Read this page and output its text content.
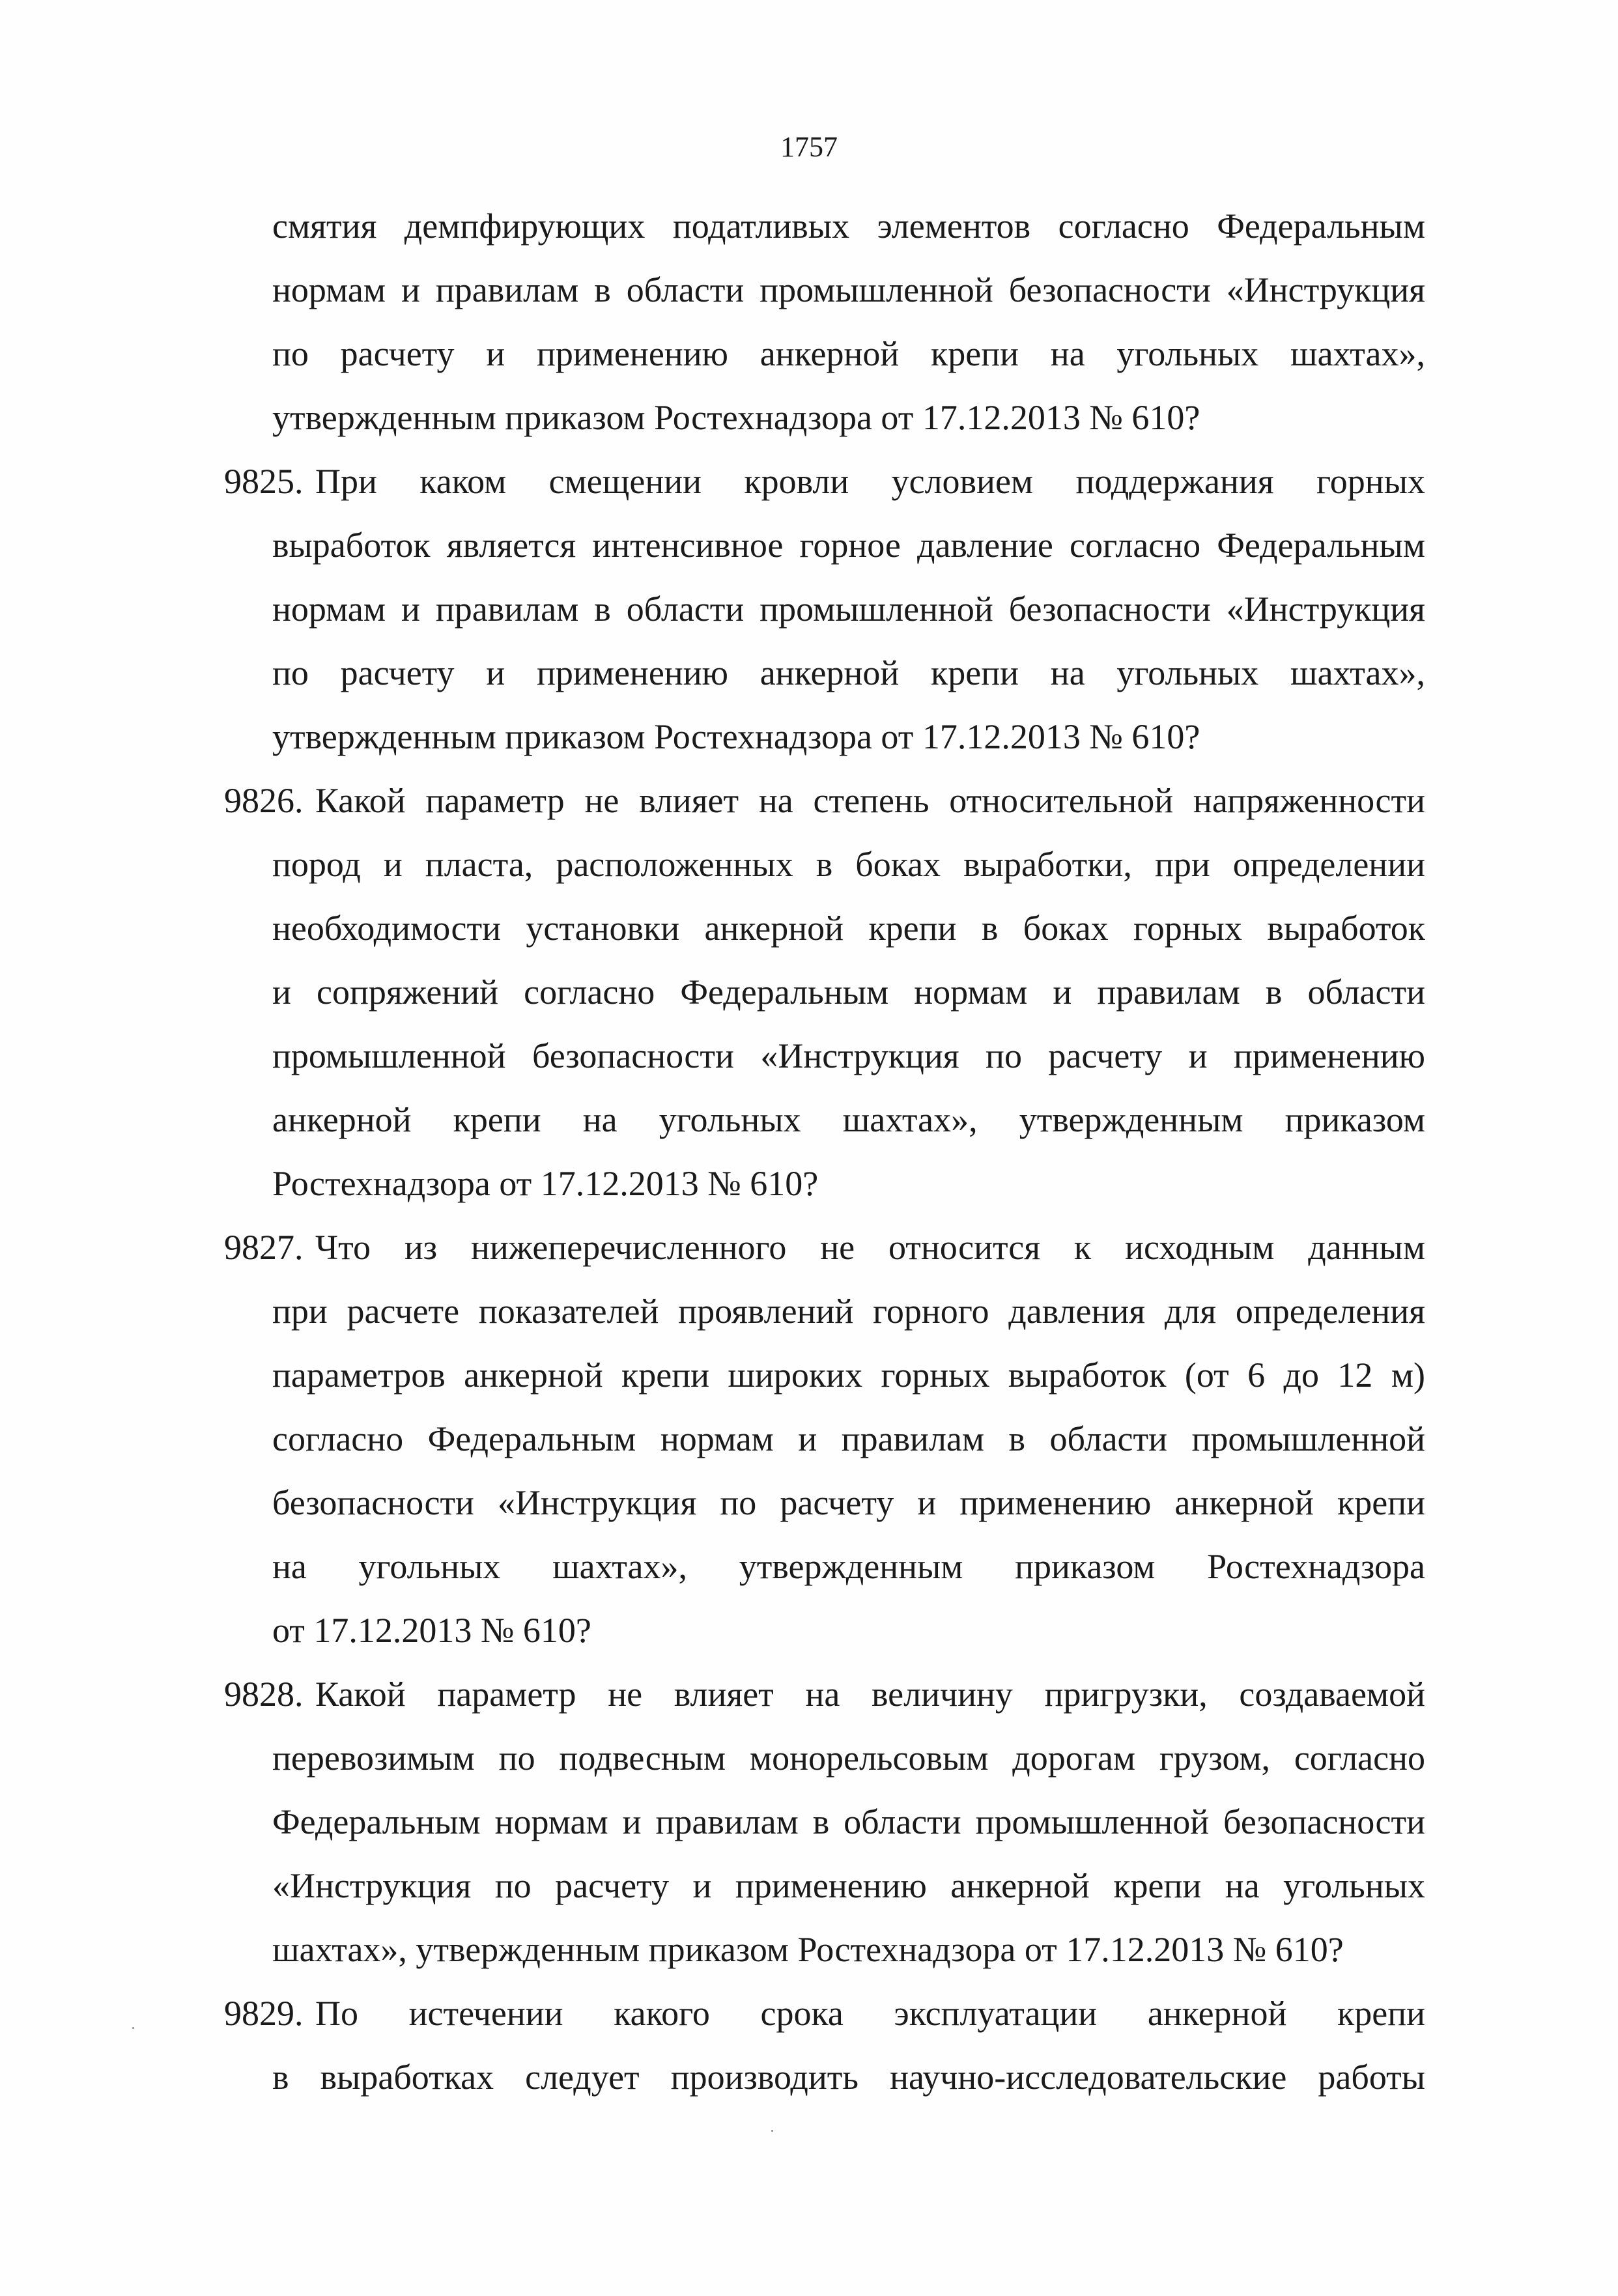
1757
смятия демпфирующих податливых элементов согласно Федеральным
нормам и правилам в области промышленной безопасности «Инструкция
по расчету и применению анкерной крепи на угольных шахтах»,
утвержденным приказом Ростехнадзора от 17.12.2013 № 610?
9825. При каком смещении кровли условием поддержания горных
выработок является интенсивное горное давление согласно Федеральным
нормам и правилам в области промышленной безопасности «Инструкция
по расчету и применению анкерной крепи на угольных шахтах»,
утвержденным приказом Ростехнадзора от 17.12.2013 № 610?
9826. Какой параметр не влияет на степень относительной напряженности
пород и пласта, расположенных в боках выработки, при определении
необходимости установки анкерной крепи в боках горных выработок
и сопряжений согласно Федеральным нормам и правилам в области
промышленной безопасности «Инструкция по расчету и применению
анкерной крепи на угольных шахтах», утвержденным приказом
Ростехнадзора от 17.12.2013 № 610?
9827. Что из нижеперечисленного не относится к исходным данным
при расчете показателей проявлений горного давления для определения
параметров анкерной крепи широких горных выработок (от 6 до 12 м)
согласно Федеральным нормам и правилам в области промышленной
безопасности «Инструкция по расчету и применению анкерной крепи
на угольных шахтах», утвержденным приказом Ростехнадзора
от 17.12.2013 № 610?
9828. Какой параметр не влияет на величину пригрузки, создаваемой
перевозимым по подвесным монорельсовым дорогам грузом, согласно
Федеральным нормам и правилам в области промышленной безопасности
«Инструкция по расчету и применению анкерной крепи на угольных
шахтах», утвержденным приказом Ростехнадзора от 17.12.2013 № 610?
9829. По истечении какого срока эксплуатации анкерной крепи
в выработках следует производить научно-исследовательские работы
